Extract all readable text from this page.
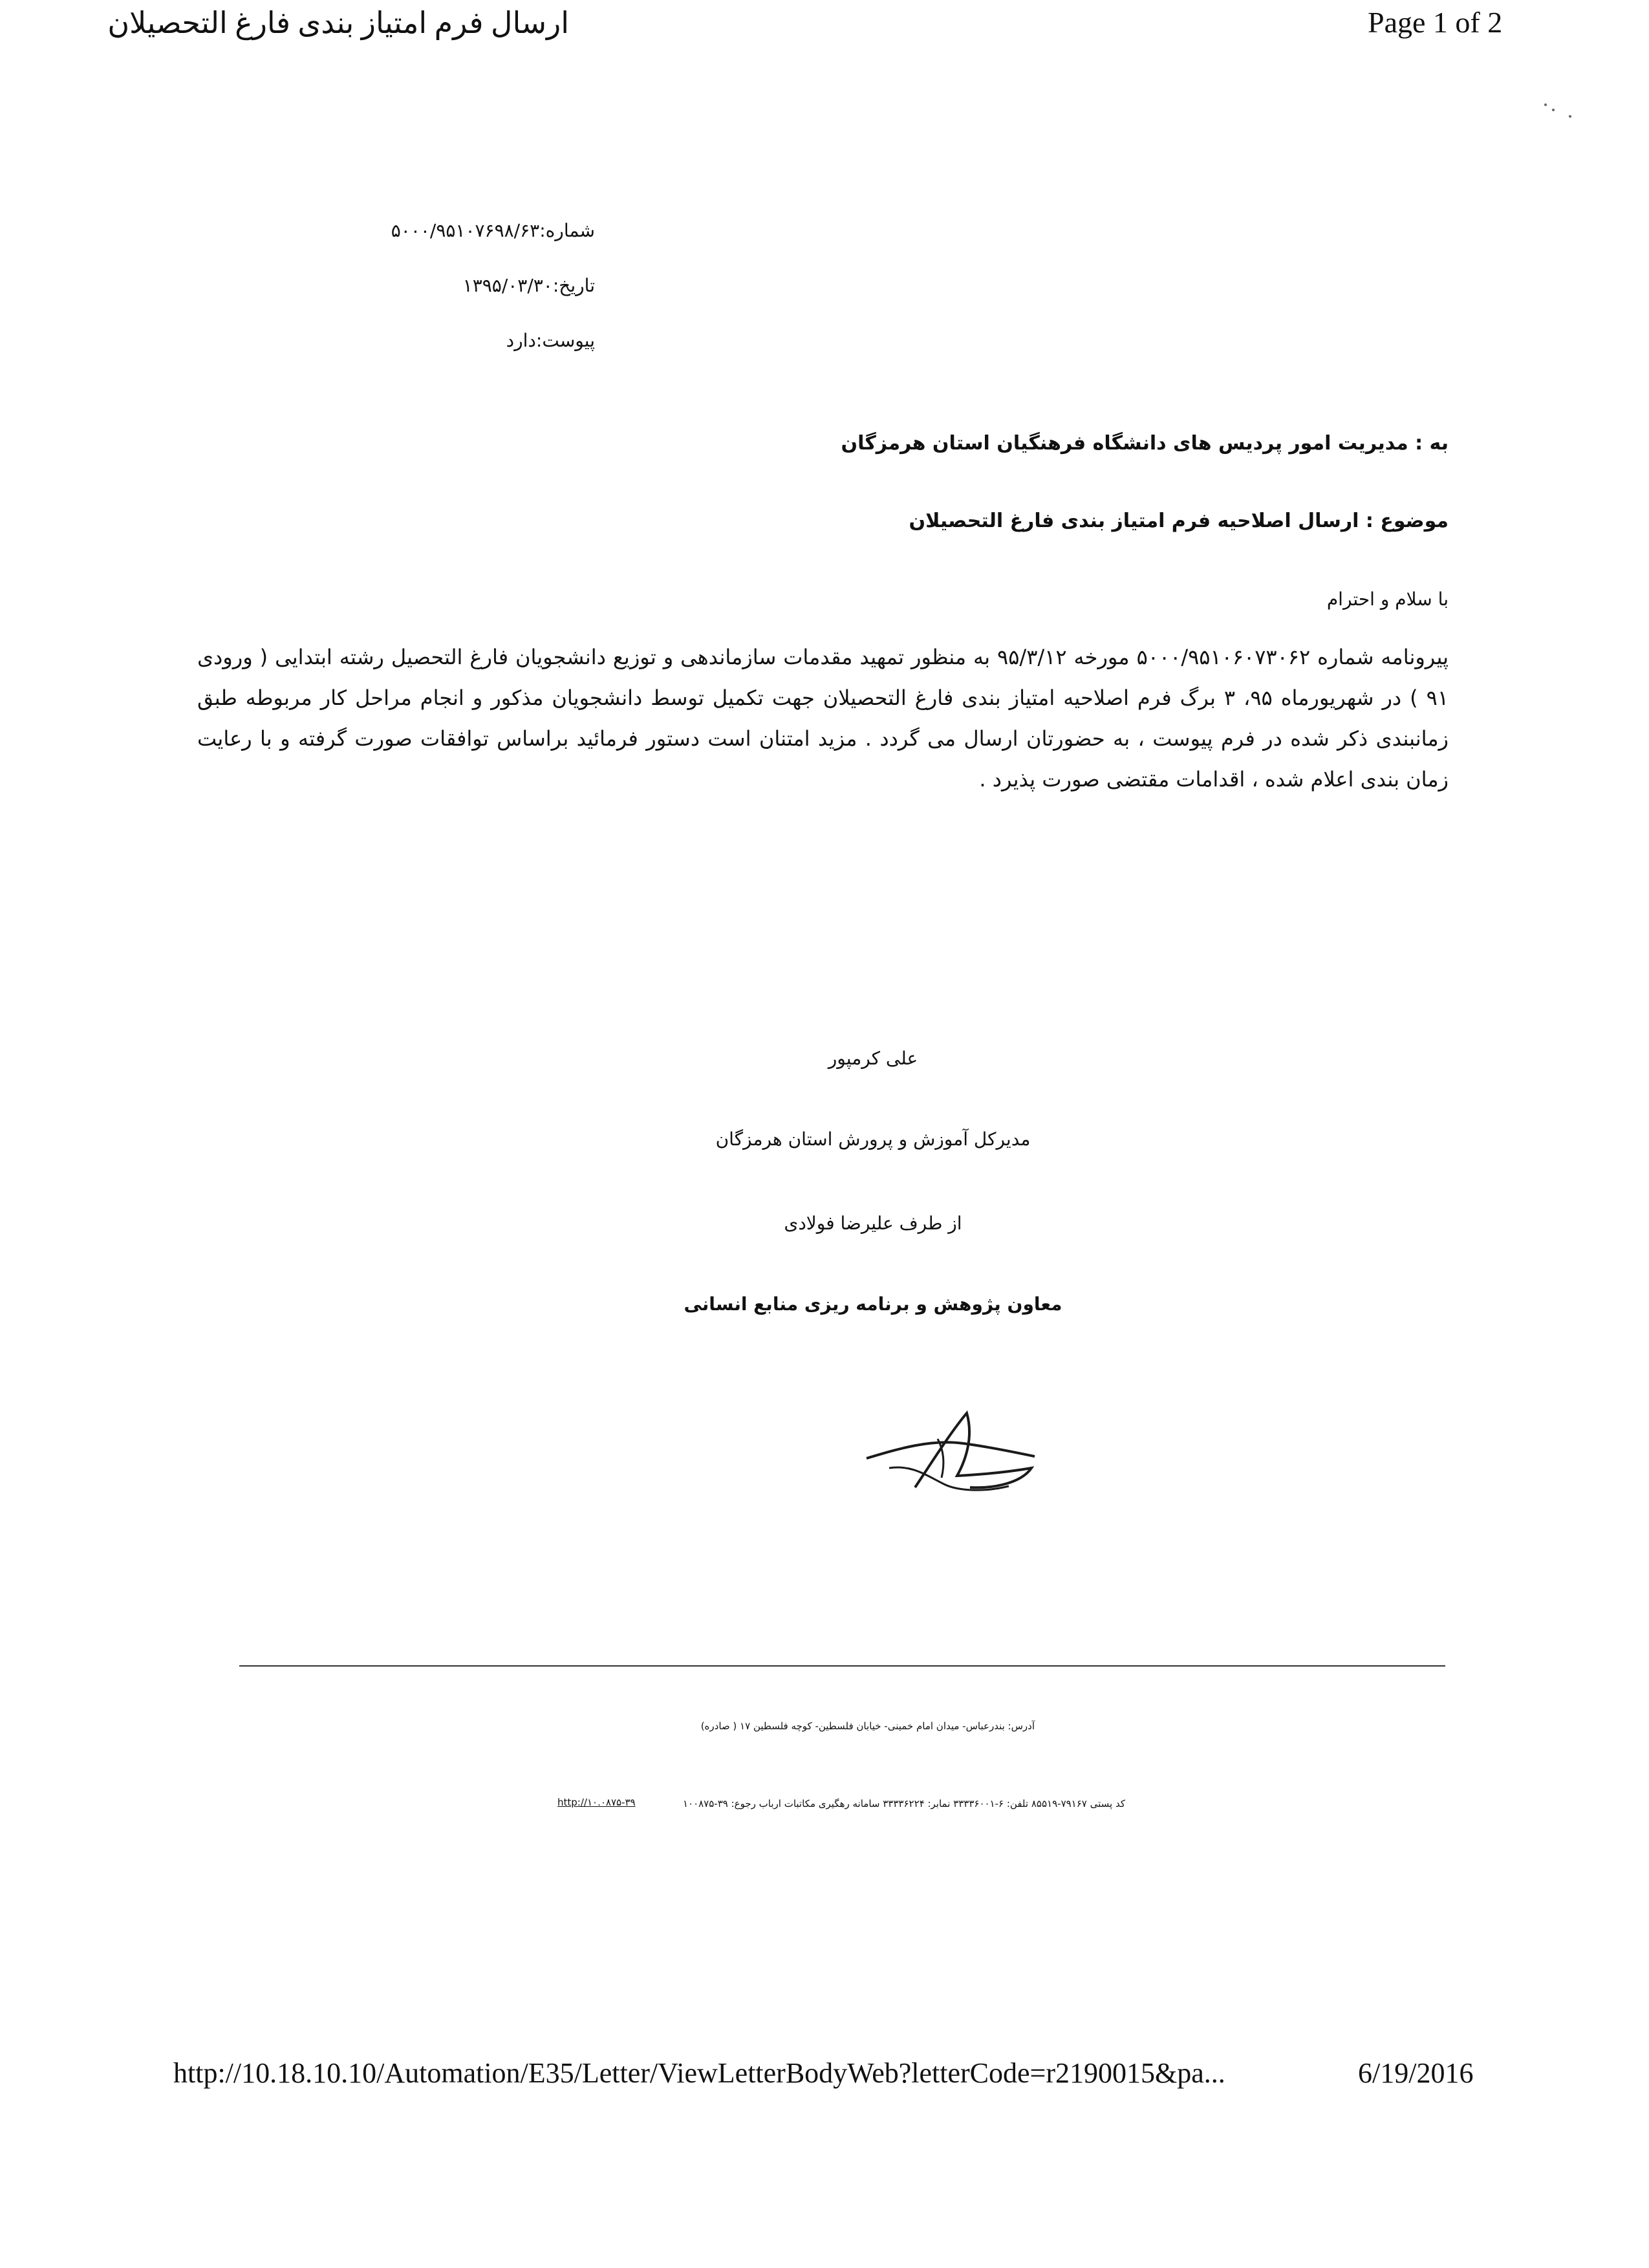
ارسال فرم امتیاز بندی فارغ التحصیلان	Page 1 of 2
شماره:۵۰۰۰/۹۵۱۰۷۶۹۸/۶۳
تاریخ:۱۳۹۵/۰۳/۳۰
پیوست:دارد
به : مدیریت امور پردیس های دانشگاه فرهنگیان استان هرمزگان
موضوع : ارسال اصلاحیه فرم امتیاز بندی فارغ التحصیلان
با سلام و احترام
پیرونامه شماره ۵۰۰۰/۹۵۱۰۶۰۷۳۰۶۲ مورخه ۹۵/۳/۱۲ به منظور تمهید مقدمات سازماندهی و توزیع دانشجویان فارغ التحصیل رشته ابتدایی ( ورودی ۹۱ ) در شهریورماه ۹۵، ۳ برگ فرم اصلاحیه امتیاز بندی فارغ التحصیلان جهت تکمیل توسط دانشجویان مذکور و انجام مراحل کار مربوطه طبق زمانبندی ذکر شده در فرم پیوست ، به حضورتان ارسال می گردد . مزید امتنان است دستور فرمائید براساس توافقات صورت گرفته و با رعایت زمان بندی اعلام شده ، اقدامات مقتضی صورت پذیرد .
علی کرمپور
مدیرکل آموزش و پرورش استان هرمزگان
از طرف علیرضا فولادی
معاون پژوهش و برنامه ریزی منابع انسانی
آدرس: بندرعباس- میدان امام خمینی- خیابان فلسطین- کوچه فلسطین ۱۷ ( صادره)
کد پستی ۷۹۱۶۷-۸۵۵۱۹ تلفن: ۶-۳۳۳۳۶۰۰۱ نمابر: ۳۳۳۳۶۲۲۴ سامانه رهگیری مکاتبات ارباب رجوع: ۳۹-۱۰۰۸۷۵
http://۱۰.۰۸۷۵-۳۹
http://10.18.10.10/Automation/E35/Letter/ViewLetterBodyWeb?letterCode=r2190015&pa...	6/19/2016
